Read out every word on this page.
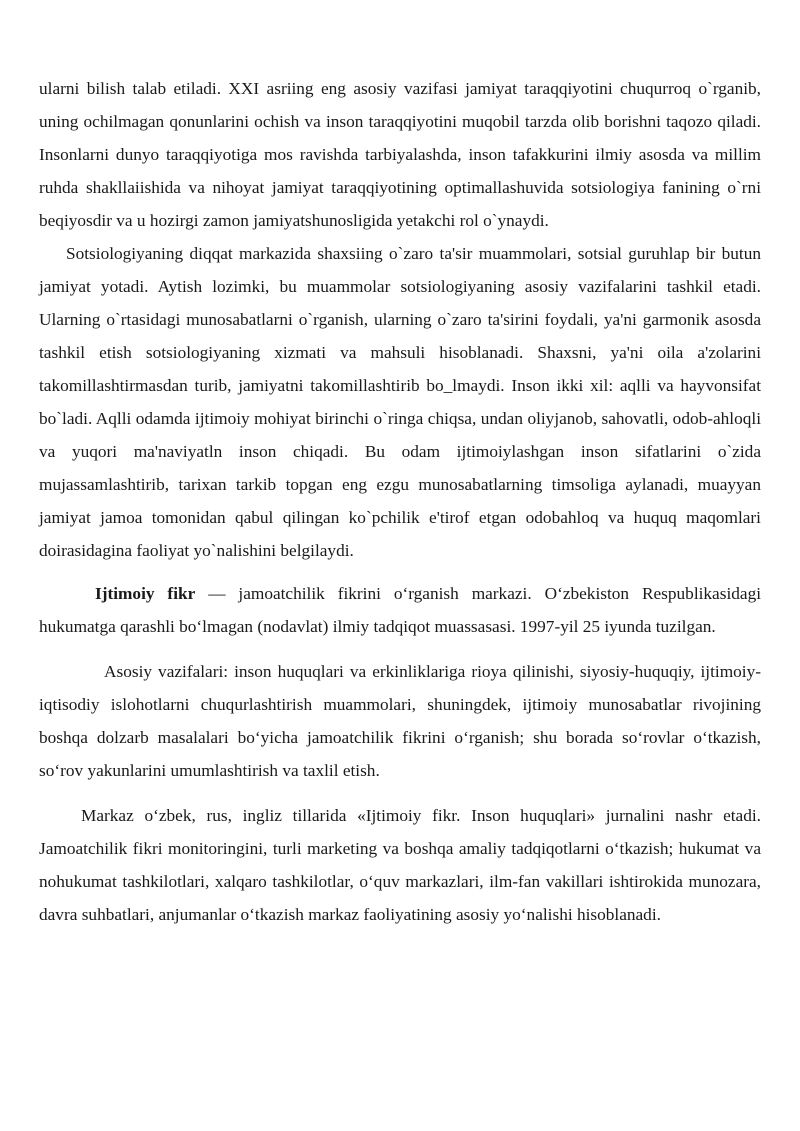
ularni bilish talab etiladi. XXI asriing eng asosiy vazifasi jamiyat taraqqiyotini chuqurroq o`rganib, uning ochilmagan qonunlarini ochish va inson taraqqiyotini muqobil tarzda olib borishni taqozo qiladi. Insonlarni dunyo taraqqiyotiga mos ravishda tarbiyalashda, inson tafakkurini ilmiy asosda va millim ruhda shakllaiishida va nihoyat jamiyat taraqqiyotining optimallashuvida sotsiologiya fanining o`rni beqiyosdir va u hozirgi zamon jamiyatshunosligida yetakchi rol o`ynaydi.

Sotsiologiyaning diqqat markazida shaxsiing o`zaro ta'sir muammolari, sotsial guruhlap bir butun jamiyat yotadi. Aytish lozimki, bu muammolar sotsiologiyaning asosiy vazifalarini tashkil etadi. Ularning o`rtasidagi munosabatlarni o`rganish, ularning o`zaro ta'sirini foydali, ya'ni garmonik asosda tashkil etish sotsiologiyaning xizmati va mahsuli hisoblanadi. Shaxsni, ya'ni oila a'zolarini takomillashtirmasdan turib, jamiyatni takomillashtirib bo_lmaydi. Inson ikki xil: aqlli va hayvonsifat bo`ladi. Aqlli odamda ijtimoiy mohiyat birinchi o`ringa chiqsa, undan oliyjanob, sahovatli, odob-ahloqli va yuqori ma'naviyatln inson chiqadi. Bu odam ijtimoiylashgan inson sifatlarini o`zida mujassamlashtirib, tarixan tarkib topgan eng ezgu munosabatlarning timsoliga aylanadi, muayyan jamiyat jamoa tomonidan qabul qilingan ko`pchilik e'tirof etgan odobahloq va huquq maqomlari doirasidagina faoliyat yo`nalishini belgilaydi.

Ijtimoiy fikr — jamoatchilik fikrini oʻrganish markazi. Oʻzbekiston Respublikasidagi hukumatga qarashli boʻlmagan (nodavlat) ilmiy tadqiqot muassasasi. 1997-yil 25 iyunda tuzilgan.

Asosiy vazifalari: inson huquqlari va erkinliklariga rioya qilinishi, siyosiy-huquqiy, ijtimoiy-iqtisodiy islohotlarni chuqurlashtirish muammolari, shuningdek, ijtimoiy munosabatlar rivojining boshqa dolzarb masalalari boʻyicha jamoatchilik fikrini oʻrganish; shu borada soʻrovlar oʻtkazish, soʻrov yakunlarini umumlashtirish va taxlil etish.

Markaz oʻzbek, rus, ingliz tillarida «Ijtimoiy fikr. Inson huquqlari» jurnalini nashr etadi. Jamoatchilik fikri monitoringini, turli marketing va boshqa amaliy tadqiqotlarni oʻtkazish; hukumat va nohukumat tashkilotlari, xalqaro tashkilotlar, oʻquv markazlari, ilm-fan vakillari ishtirokida munozara, davra suhbatlari, anjumanlar oʻtkazish markaz faoliyatining asosiy yoʻnalishi hisoblanadi.
